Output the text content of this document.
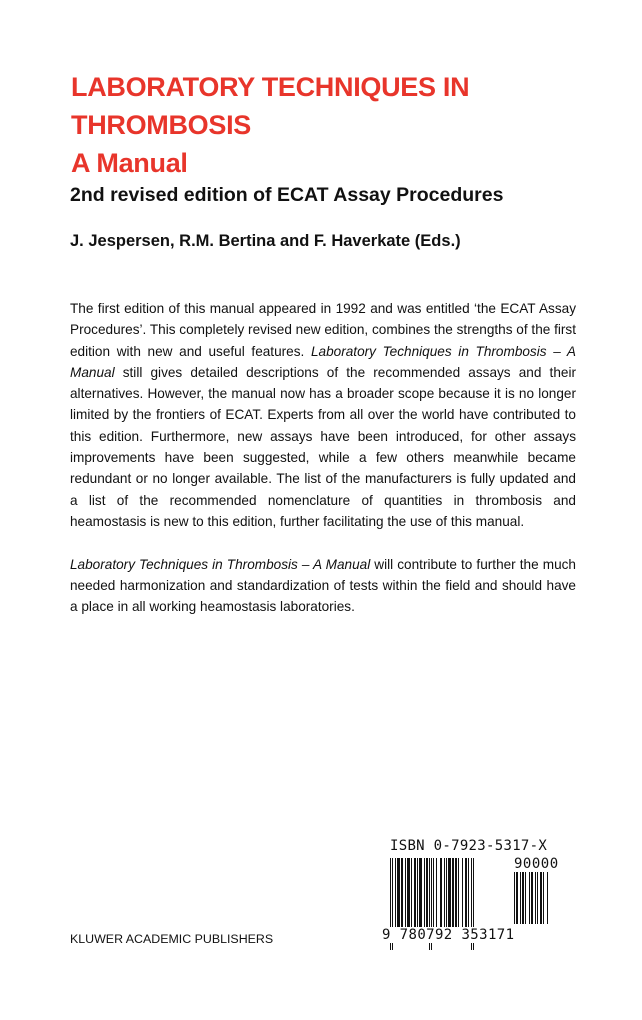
LABORATORY TECHNIQUES IN THROMBOSIS
A Manual
2nd revised edition of ECAT Assay Procedures
J. Jespersen, R.M. Bertina and F. Haverkate (Eds.)

The first edition of this manual appeared in 1992 and was entitled ‘the ECAT Assay Procedures’. This completely revised new edition, combines the strengths of the first edition with new and useful features. Laboratory Techniques in Thrombosis – A Manual still gives detailed descriptions of the recommended assays and their alternatives. However, the manual now has a broader scope because it is no longer limited by the frontiers of ECAT. Experts from all over the world have contributed to this edition. Furthermore, new assays have been introduced, for other assays improvements have been suggested, while a few others meanwhile became redundant or no longer available. The list of the manufacturers is fully updated and a list of the recommended nomenclature of quantities in thrombosis and heamostasis is new to this edition, further facilitating the use of this manual.

Laboratory Techniques in Thrombosis – A Manual will contribute to further the much needed harmonization and standardization of tests within the field and should have a place in all working heamostasis laboratories.

KLUWER ACADEMIC PUBLISHERS
ISBN 0-7923-5317-X
90000
9 780792 353171
